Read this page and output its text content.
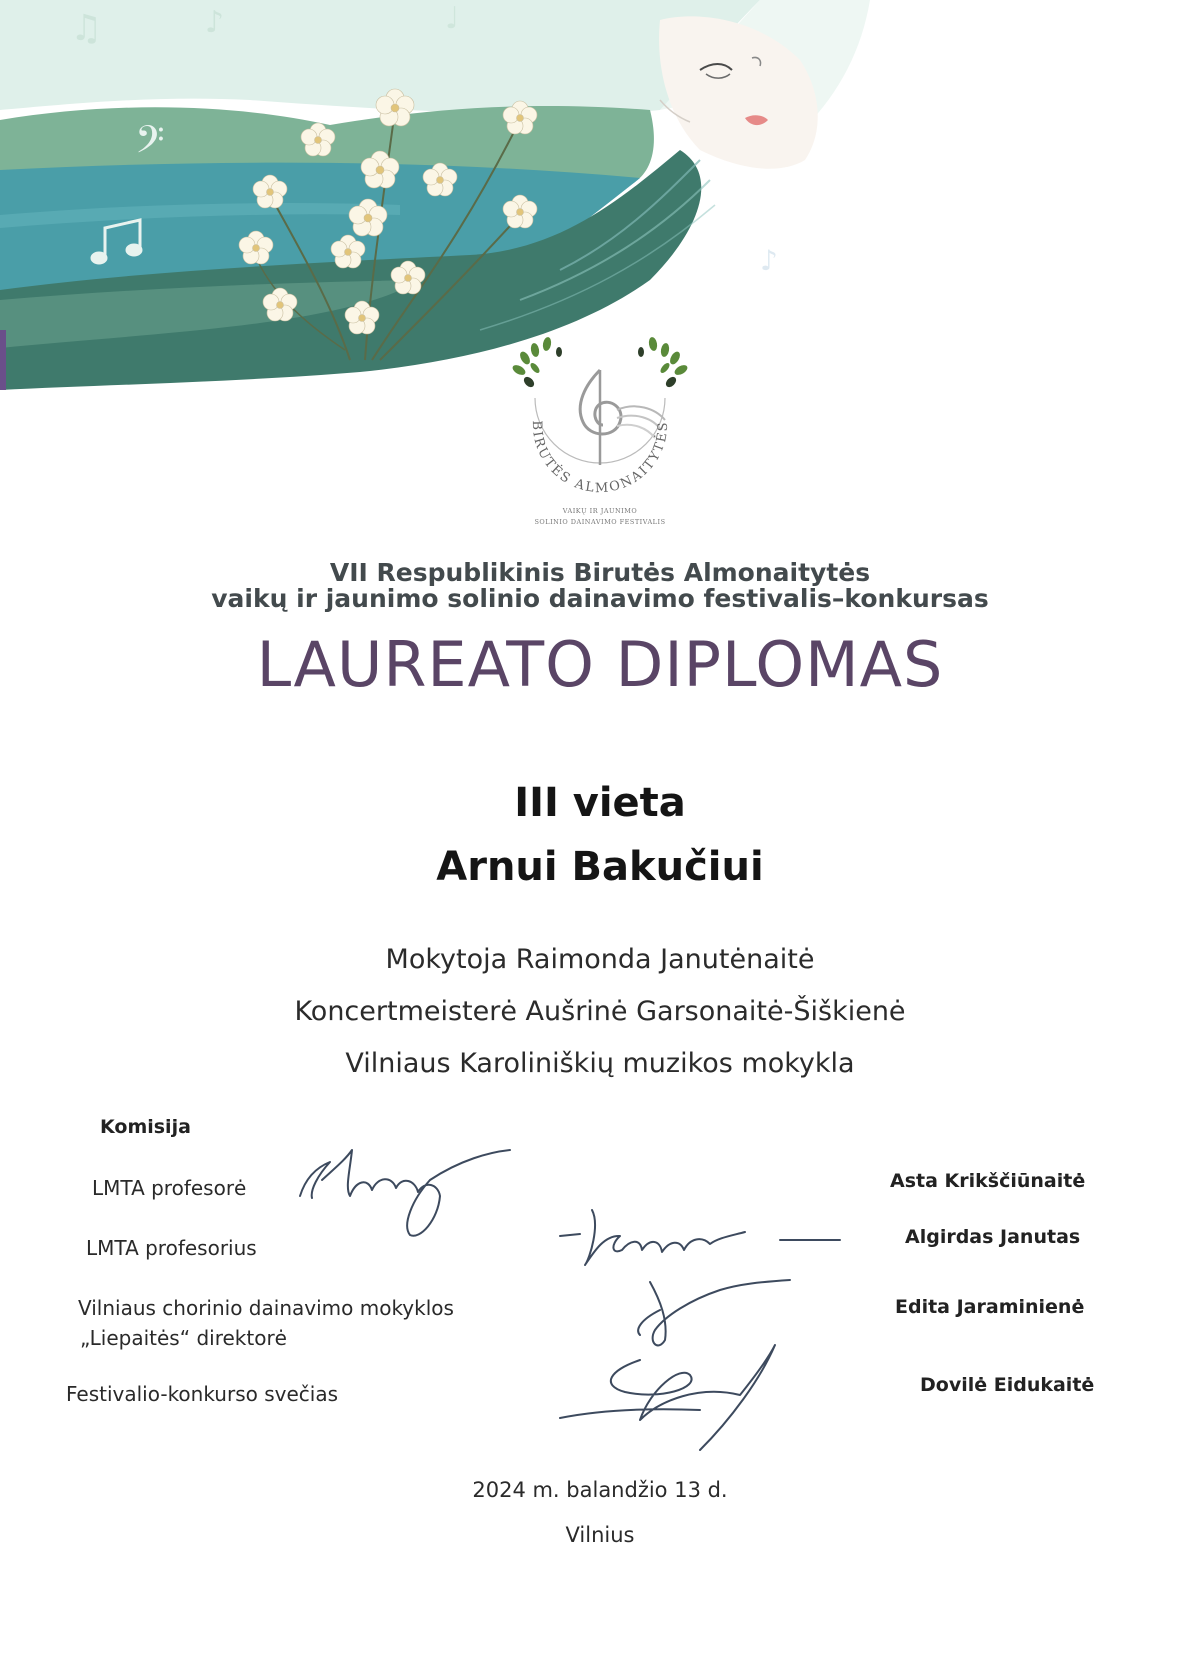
𝄢
♫	♪	♩
♪
BIRUTĖS ALMONAITYTĖS
VAIKŲ IR JAUNIMO
SOLINIO DAINAVIMO FESTIVALIS
VII Respublikinis Birutės Almonaitytės
vaikų ir jaunimo solinio dainavimo festivalis–konkursas
LAUREATO DIPLOMAS
III vieta
Arnui Bakučiui
Mokytoja Raimonda Janutėnaitė
Koncertmeisterė Aušrinė Garsonaitė-Šiškienė
Vilniaus Karoliniškių muzikos mokykla
Komisija
LMTA profesorė
LMTA profesorius
Vilniaus chorinio dainavimo mokyklos
„Liepaitės“ direktorė
Festivalio-konkurso svečias
Asta Krikščiūnaitė
Algirdas Janutas
Edita Jaraminienė
Dovilė Eidukaitė
2024 m. balandžio 13 d.
Vilnius
